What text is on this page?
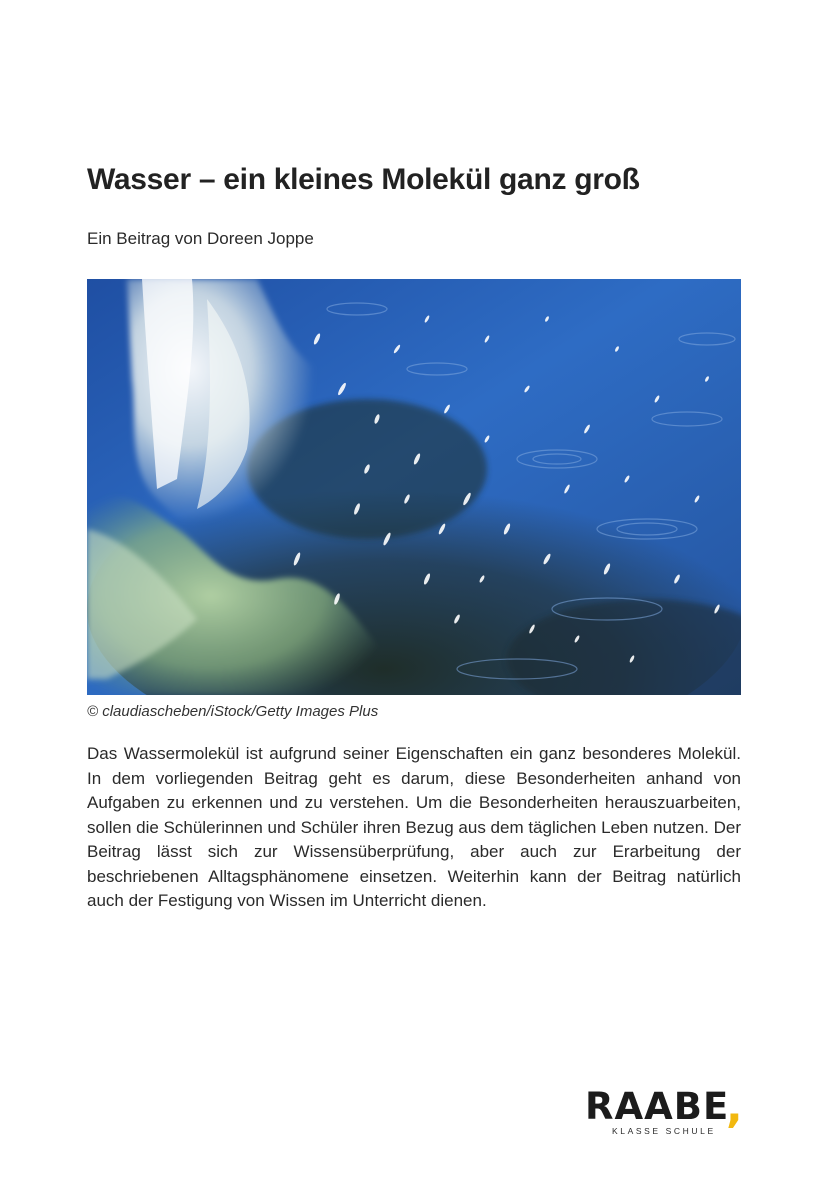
Wasser – ein kleines Molekül ganz groß
Ein Beitrag von Doreen Joppe
© claudiascheben/iStock/Getty Images Plus

Das Wassermolekül ist aufgrund seiner Eigenschaften ein ganz besonderes Molekül. In dem vorliegenden Beitrag geht es darum, diese Besonderheiten anhand von Aufgaben zu erkennen und zu verstehen. Um die Besonderheiten herauszuarbeiten, sollen die Schülerinnen und Schüler ihren Bezug aus dem täglichen Leben nutzen. Der Beitrag lässt sich zur Wissensüberprüfung, aber auch zur Erarbeitung der beschriebenen Alltagsphänomene einsetzen. Weiterhin kann der Beitrag natürlich auch der Festigung von Wissen im Unterricht dienen.

RAABE
,
KLASSE SCHULE
